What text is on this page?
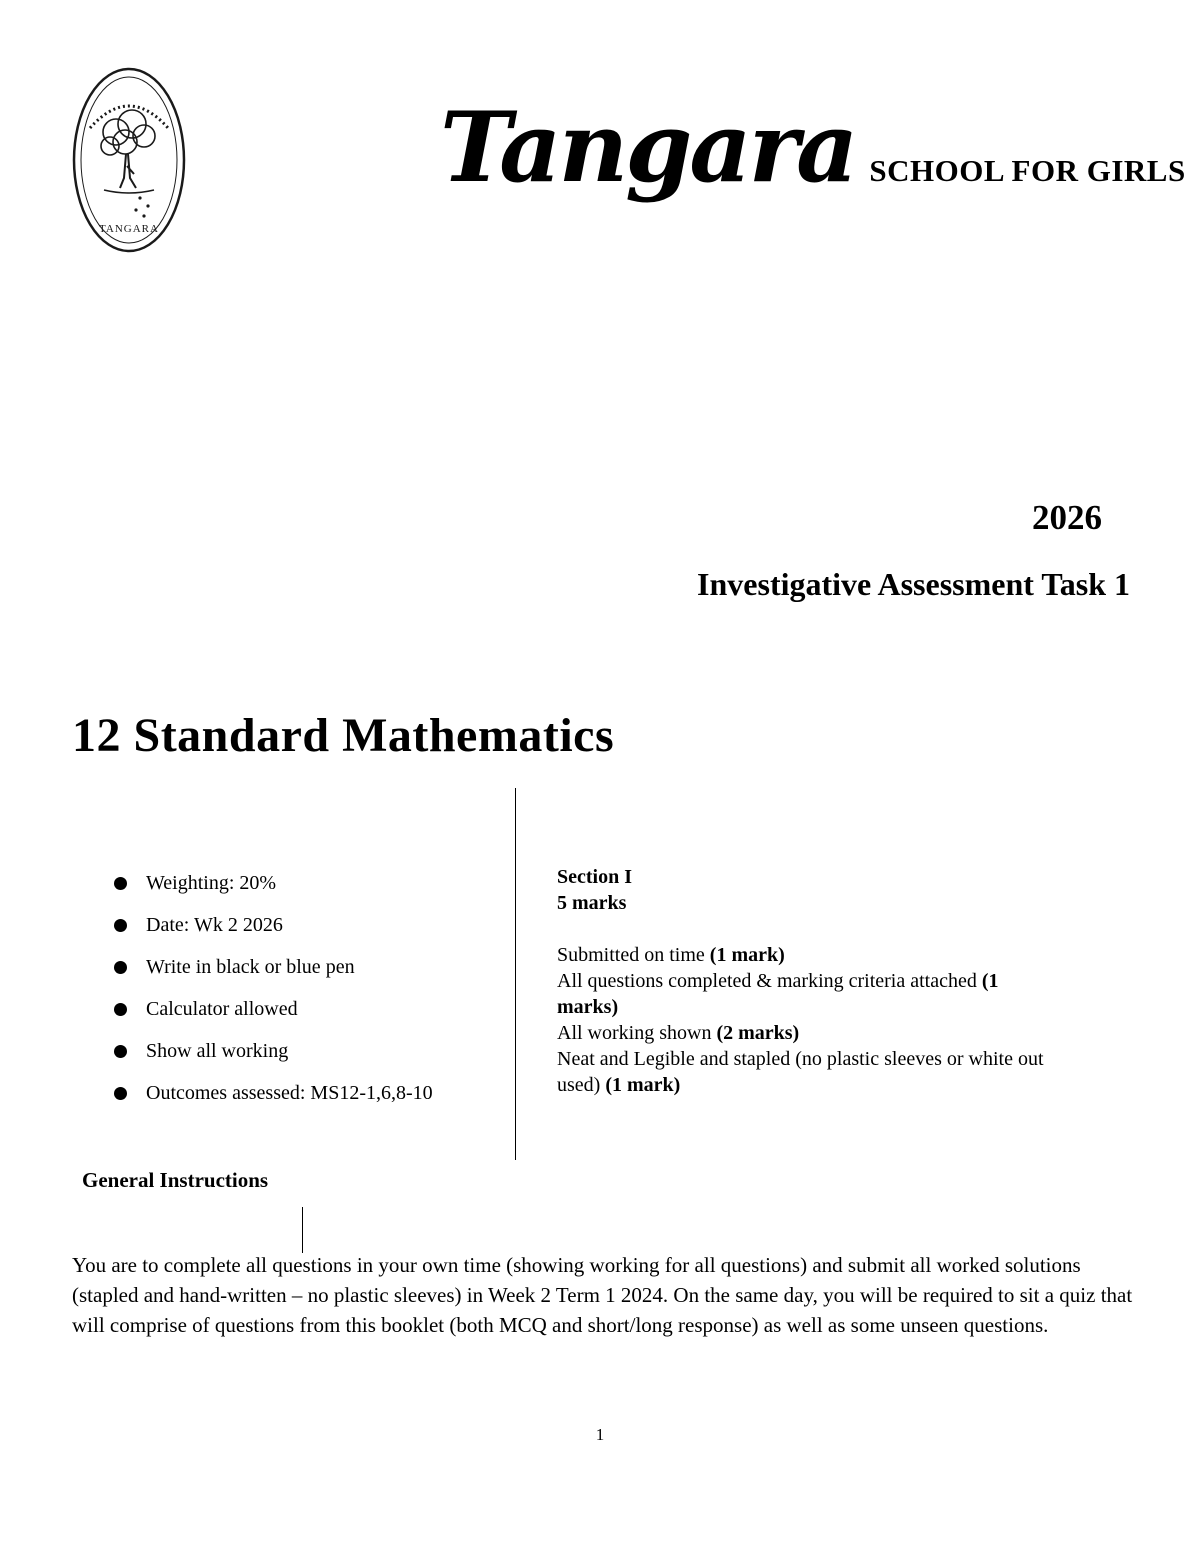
TANGARA
Tangara SCHOOL FOR GIRLS
2026
Investigative Assessment Task 1
12 Standard Mathematics
Weighting: 20%
Date: Wk 2 2026
Write in black or blue pen
Calculator allowed
Show all working
Outcomes assessed: MS12-1,6,8-10
Section I
5 marks

Submitted on time (1 mark)

All questions completed & marking criteria attached (1 marks)

All working shown (2 marks)

Neat and Legible and stapled (no plastic sleeves or white out used) (1 mark)

General Instructions

You are to complete all questions in your own time (showing working for all questions) and submit all worked solutions (stapled and hand-written – no plastic sleeves) in Week 2 Term 1 2024. On the same day, you will be required to sit a quiz that will comprise of questions from this booklet (both MCQ and short/long response) as well as some unseen questions.

1
